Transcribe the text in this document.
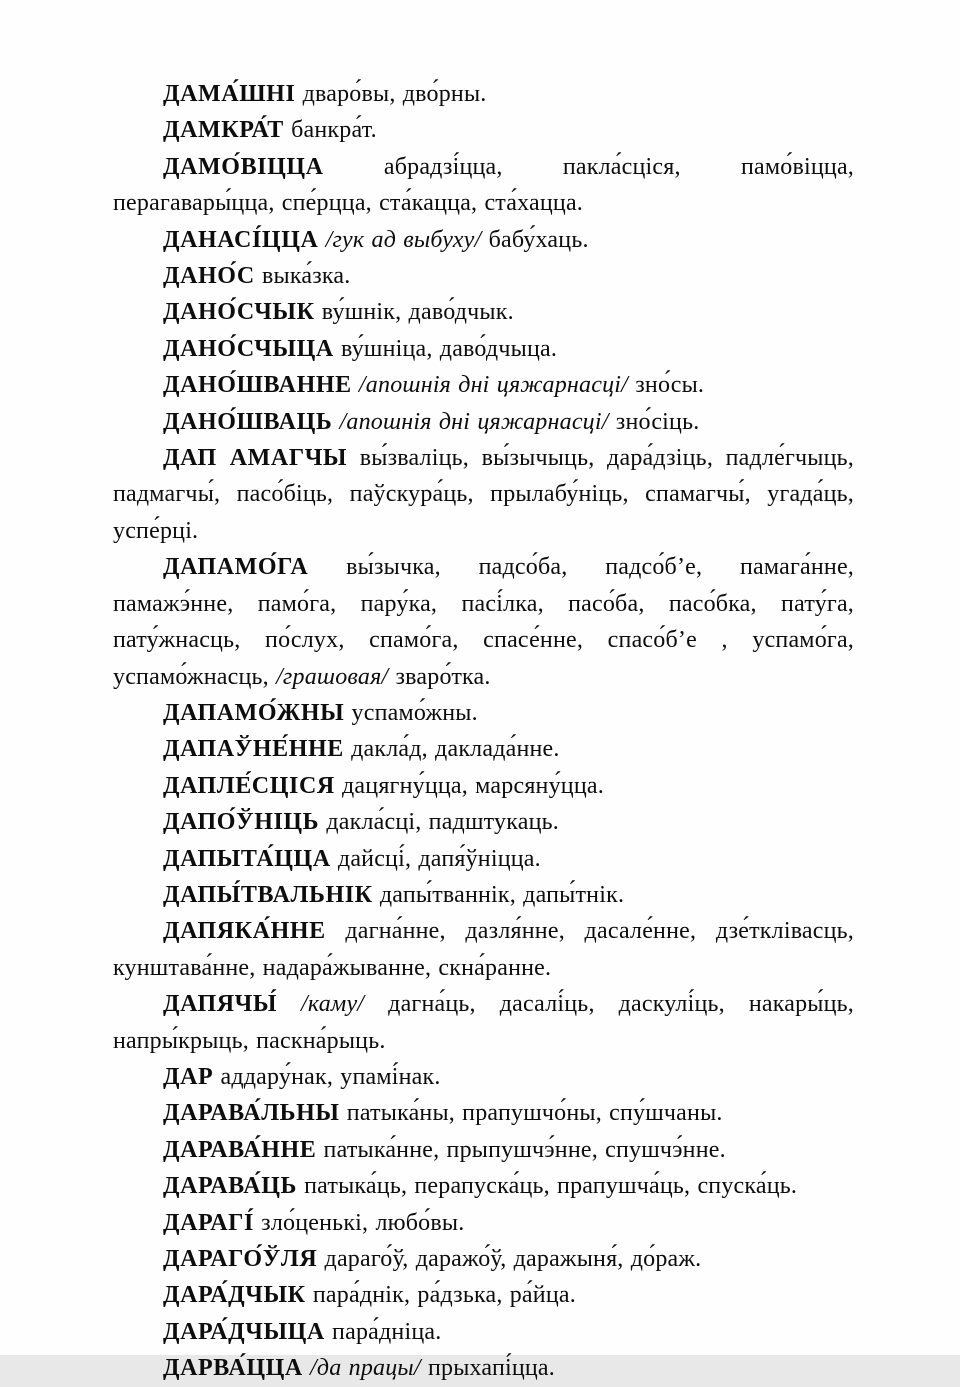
ДАМА́ШНІ дваро́вы, дво́рны.

ДАМКРА́Т банкра́т.

ДАМО́ВІЦЦА абрадзі́цца, пакла́сціся, памо́віцца, перагавары́цца, спе́рцца, ста́кацца, ста́хацца.

ДАНАСІ́ЦЦА /гук ад выбуху/ бабу́хаць.

ДАНО́С выка́зка.

ДАНО́СЧЫК ву́шнік, даво́дчык.

ДАНО́СЧЫЦА ву́шніца, даво́дчыца.

ДАНО́ШВАННЕ /апошнія дні цяжарнасці/ зно́сы.

ДАНО́ШВАЦЬ /апошнія дні цяжарнасці/ зно́сіць.

ДАП АМАГЧЫ вы́зваліць, вы́зычыць, дара́дзіць, падле́гчыць, падмагчы́, пасо́біць, паўскура́ць, прылабу́ніць, спамагчы́, угада́ць, успе́рці.

ДАПАМО́ГА вы́зычка, падсо́ба, падсо́б’е, памага́нне, памажэ́нне, памо́га, пару́ка, пасі́лка, пасо́ба, пасо́бка, пату́га, пату́жнасць, по́слух, спамо́га, спасе́нне, спасо́б’е , успамо́га, успамо́жнасць, /грашовая/ зваро́тка.

ДАПАМО́ЖНЫ успамо́жны.

ДАПАЎНЕ́ННЕ дакла́д, даклада́нне.

ДАПЛЕ́СЦІСЯ дацягну́цца, марсяну́цца.

ДАПО́ЎНІЦЬ дакла́сці, падштукаць.

ДАПЫТА́ЦЦА дайсці́, дапя́ўніцца.

ДАПЫ́ТВАЛЬНІК дапы́тваннік, дапы́тнік.

ДАПЯКА́ННЕ дагна́нне, дазля́нне, дасале́нне, дзе́тклівасць, кунштава́нне, надара́жыванне, скна́ранне.

ДАПЯЧЫ́ /каму/ дагна́ць, дасалі́ць, даскулі́ць, накары́ць, напры́крыць, паскна́рыць.

ДАР аддару́нак, упамі́нак.

ДАРАВА́ЛЬНЫ патыка́ны, прапушчо́ны, спу́шчаны.

ДАРАВА́ННЕ патыка́нне, прыпушчэ́нне, спушчэ́нне.

ДАРАВА́ЦЬ патыка́ць, перапуска́ць, прапушча́ць, спуска́ць.

ДАРАГІ́ зло́ценькі, любо́вы.

ДАРАГО́ЎЛЯ дараго́ў, даражо́ў, даражыня́, до́раж.

ДАРА́ДЧЫК пара́днік, ра́дзька, ра́йца.

ДАРА́ДЧЫЦА пара́дніца.

ДАРВА́ЦЦА /да працы/ прыхапі́цца.
